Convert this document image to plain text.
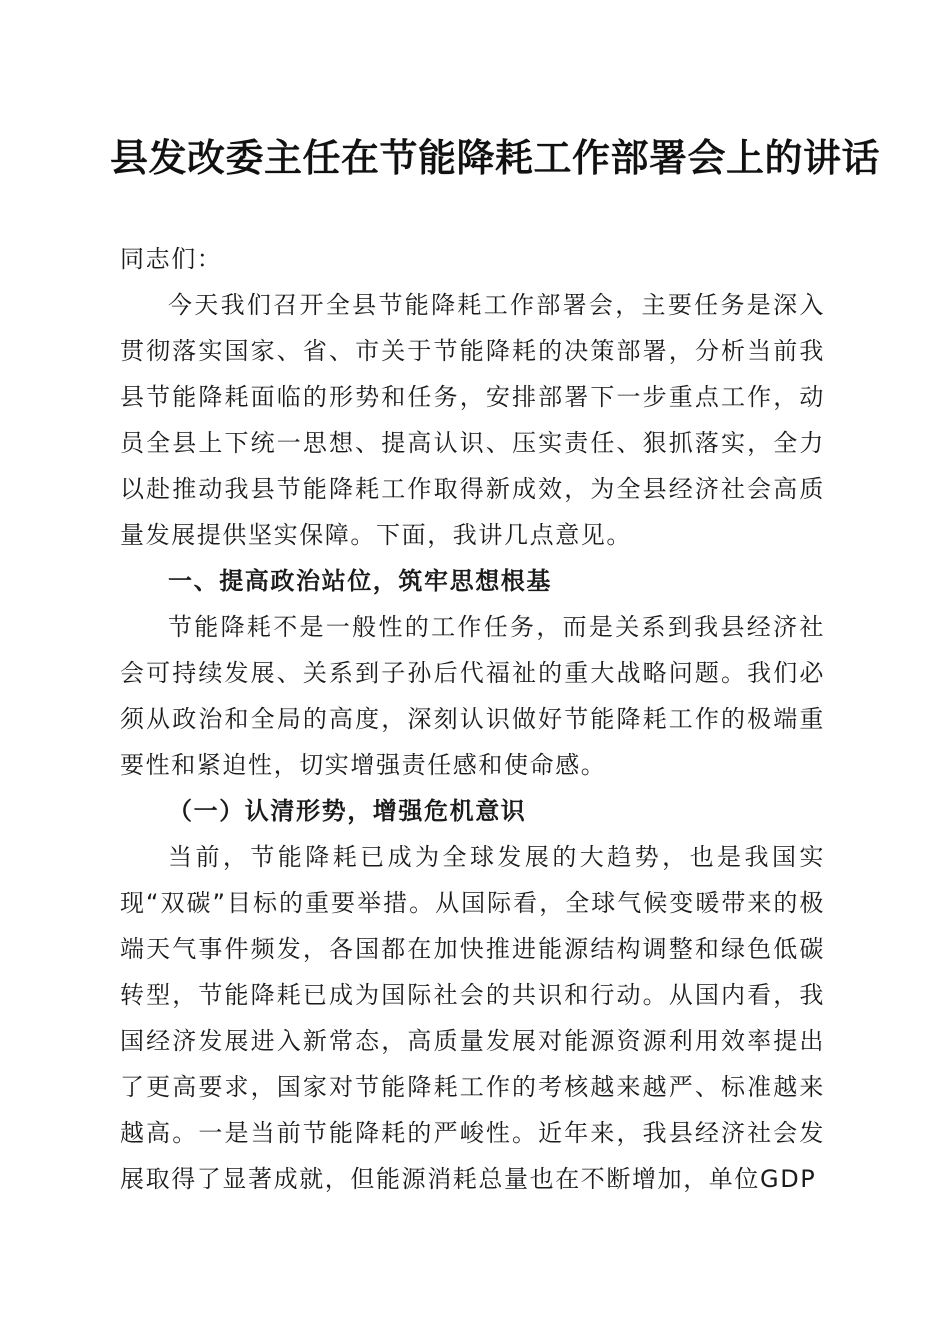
县发改委主任在节能降耗工作部署会上的讲话

同志们：

今天我们召开全县节能降耗工作部署会，主要任务是深入贯彻落实国家、省、市关于节能降耗的决策部署，分析当前我县节能降耗面临的形势和任务，安排部署下一步重点工作，动员全县上下统一思想、提高认识、压实责任、狠抓落实，全力以赴推动我县节能降耗工作取得新成效，为全县经济社会高质量发展提供坚实保障。下面，我讲几点意见。

一、提高政治站位，筑牢思想根基

节能降耗不是一般性的工作任务，而是关系到我县经济社会可持续发展、关系到子孙后代福祉的重大战略问题。我们必须从政治和全局的高度，深刻认识做好节能降耗工作的极端重要性和紧迫性，切实增强责任感和使命感。

（一）认清形势，增强危机意识

当前，节能降耗已成为全球发展的大趋势，也是我国实现“双碳”目标的重要举措。从国际看，全球气候变暖带来的极端天气事件频发，各国都在加快推进能源结构调整和绿色低碳转型，节能降耗已成为国际社会的共识和行动。从国内看，我国经济发展进入新常态，高质量发展对能源资源利用效率提出了更高要求，国家对节能降耗工作的考核越来越严、标准越来越高。一是当前节能降耗的严峻性。近年来，我县经济社会发展取得了显著成就，但能源消耗总量也在不断增加，单位GDP
